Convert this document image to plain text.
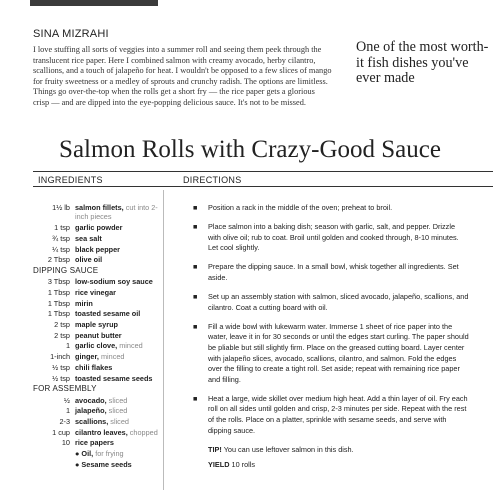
SINA MIZRAHI

I love stuffing all sorts of veggies into a summer roll and seeing them peek through the translucent rice paper. Here I combined salmon with creamy avocado, herby cilantro, scallions, and a touch of jalapeño for heat. I wouldn't be opposed to a few slices of mango for fruity sweetness or a medley of sprouts and crunchy radish. The options are limitless. Things go over-the-top when the rolls get a short fry — the rice paper gets a glorious crisp — and are dipped into the eye-popping delicious sauce. It's not to be missed.

One of the most worth-it fish dishes you've ever made
Salmon Rolls with Crazy-Good Sauce
INGREDIENTS	DIRECTIONS
1½ lb salmon fillets, cut into 2-inch pieces
1 tsp garlic powder
¾ tsp sea salt
¼ tsp black pepper
2 Tbsp olive oil
DIPPING SAUCE
3 Tbsp low-sodium soy sauce
1 Tbsp rice vinegar
1 Tbsp mirin
1 Tbsp toasted sesame oil
2 tsp maple syrup
2 tsp peanut butter
1 garlic clove, minced
1-inch ginger, minced
½ tsp chili flakes
½ tsp toasted sesame seeds
FOR ASSEMBLY
½ avocado, sliced
1 jalapeño, sliced
2-3 scallions, sliced
1 cup cilantro leaves, chopped
10 rice papers
● Oil, for frying
● Sesame seeds
■ Position a rack in the middle of the oven; preheat to broil.
■ Place salmon into a baking dish; season with garlic, salt, and pepper. Drizzle with olive oil; rub to coat. Broil until golden and cooked through, 8-10 minutes. Let cool slightly.
■ Prepare the dipping sauce. In a small bowl, whisk together all ingredients. Set aside.
■ Set up an assembly station with salmon, sliced avocado, jalapeño, scallions, and cilantro. Coat a cutting board with oil.
■ Fill a wide bowl with lukewarm water. Immerse 1 sheet of rice paper into the water, leave it in for 30 seconds or until the edges start curling. The paper should be pliable but still slightly firm. Place on the greased cutting board. Layer center with jalapeño slices, avocado, scallions, cilantro, and salmon. Fold the edges over the filling to create a tight roll. Set aside; repeat with remaining rice paper and filling.
■ Heat a large, wide skillet over medium high heat. Add a thin layer of oil. Fry each roll on all sides until golden and crisp, 2-3 minutes per side. Repeat with the rest of the rolls. Place on a platter, sprinkle with sesame seeds, and serve with dipping sauce.
TIP! You can use leftover salmon in this dish.
YIELD 10 rolls
